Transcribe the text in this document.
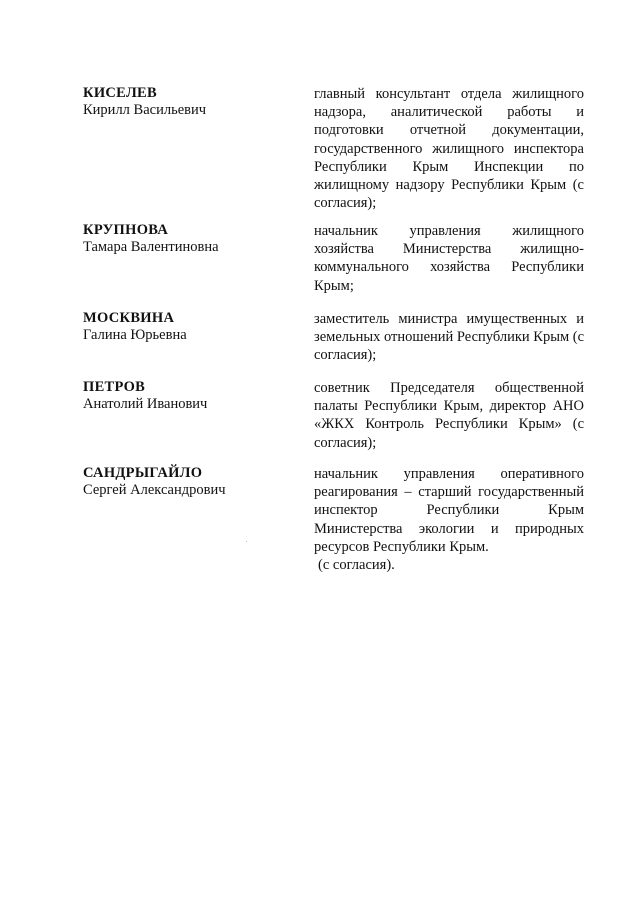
КИСЕЛЕВ
Кирилл Васильевич
главный консультант отдела жилищного надзора, аналитической работы и подготовки отчетной документации, государственного жилищного инспектора Республики Крым Инспекции по жилищному надзору Республики Крым (с согласия);
КРУПНОВА
Тамара Валентиновна
начальник управления жилищного хозяйства Министерства жилищно-коммунального хозяйства Республики Крым;
МОСКВИНА
Галина Юрьевна
заместитель министра имущественных и земельных отношений Республики Крым (с согласия);
ПЕТРОВ
Анатолий Иванович
советник Председателя общественной палаты Республики Крым, директор АНО «ЖКХ Контроль Республики Крым» (с согласия);
САНДРЫГАЙЛО
Сергей Александрович
начальник управления оперативного реагирования – старший государственный инспектор Республики Крым Министерства экологии и природных ресурсов Республики Крым.
(с согласия).
